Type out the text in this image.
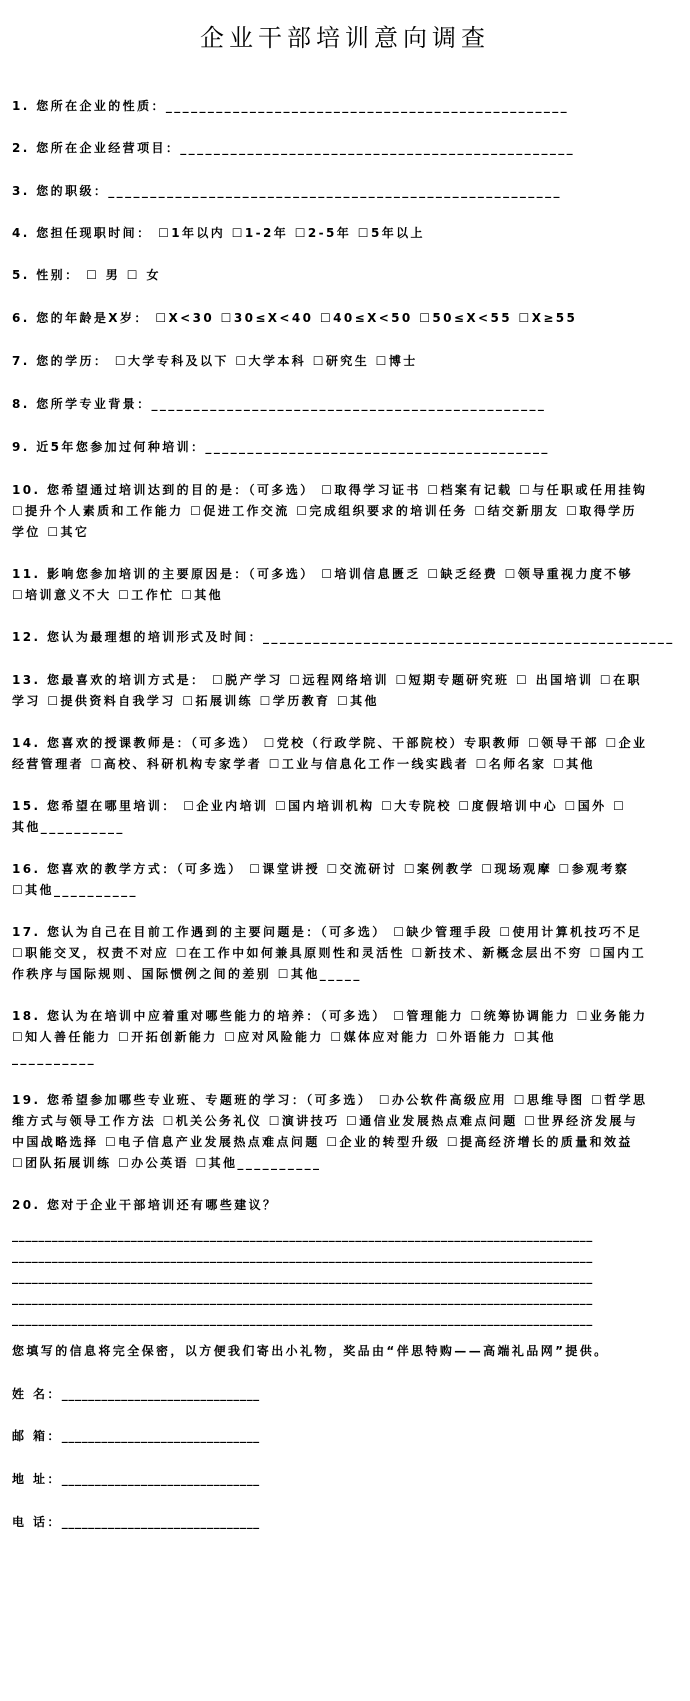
企业干部培训意向调查
1. 您所在企业的性质：________________________________________________
2. 您所在企业经营项目：_______________________________________________
3. 您的职级：______________________________________________________
4. 您担任现职时间： ☐1年以内 ☐1-2年 ☐2-5年 ☐5年以上
5. 性别： ☐ 男 ☐ 女
6. 您的年龄是X岁： ☐X<30 ☐30≤X<40 ☐40≤X<50 ☐50≤X<55 ☐X≥55
7. 您的学历： ☐大学专科及以下 ☐大学本科 ☐研究生 ☐博士
8. 您所学专业背景：_______________________________________________
9. 近5年您参加过何种培训：_________________________________________
10. 您希望通过培训达到的目的是：（可多选） ☐取得学习证书 ☐档案有记载 ☐与任职或任用挂钩
☐提升个人素质和工作能力 ☐促进工作交流 ☐完成组织要求的培训任务 ☐结交新朋友 ☐取得学历
学位 ☐其它
11. 影响您参加培训的主要原因是：（可多选） ☐培训信息匮乏 ☐缺乏经费 ☐领导重视力度不够
☐培训意义不大 ☐工作忙 ☐其他
12. 您认为最理想的培训形式及时间：_________________________________________________
13. 您最喜欢的培训方式是： ☐脱产学习 ☐远程网络培训 ☐短期专题研究班 ☐ 出国培训 ☐在职
学习 ☐提供资料自我学习 ☐拓展训练 ☐学历教育 ☐其他
14. 您喜欢的授课教师是：（可多选） ☐党校（行政学院、干部院校）专职教师 ☐领导干部 ☐企业
经营管理者 ☐高校、科研机构专家学者 ☐工业与信息化工作一线实践者 ☐名师名家 ☐其他
15. 您希望在哪里培训： ☐企业内培训 ☐国内培训机构 ☐大专院校 ☐度假培训中心 ☐国外 ☐
其他__________
16. 您喜欢的教学方式：（可多选） ☐课堂讲授 ☐交流研讨 ☐案例教学 ☐现场观摩 ☐参观考察
☐其他__________
17. 您认为自己在目前工作遇到的主要问题是：（可多选） ☐缺少管理手段 ☐使用计算机技巧不足
☐职能交叉，权责不对应 ☐在工作中如何兼具原则性和灵活性 ☐新技术、新概念层出不穷 ☐国内工
作秩序与国际规则、国际惯例之间的差别 ☐其他_____
18. 您认为在培训中应着重对哪些能力的培养：（可多选） ☐管理能力 ☐统筹协调能力 ☐业务能力
☐知人善任能力 ☐开拓创新能力 ☐应对风险能力 ☐媒体应对能力 ☐外语能力 ☐其他
__________
19. 您希望参加哪些专业班、专题班的学习：（可多选） ☐办公软件高级应用 ☐思维导图 ☐哲学思
维方式与领导工作方法 ☐机关公务礼仪 ☐演讲技巧 ☐通信业发展热点难点问题 ☐世界经济发展与
中国战略选择 ☐电子信息产业发展热点难点问题 ☐企业的转型升级 ☐提高经济增长的质量和效益
☐团队拓展训练 ☐办公英语 ☐其他__________
20. 您对于企业干部培训还有哪些建议？
________________________________________________________________________________________
________________________________________________________________________________________
________________________________________________________________________________________
________________________________________________________________________________________
________________________________________________________________________________________
您填写的信息将完全保密，以方便我们寄出小礼物，奖品由“伴思特购——高端礼品网”提供。
姓 名：______________________________
邮 箱：______________________________
地 址：______________________________
电 话：______________________________
